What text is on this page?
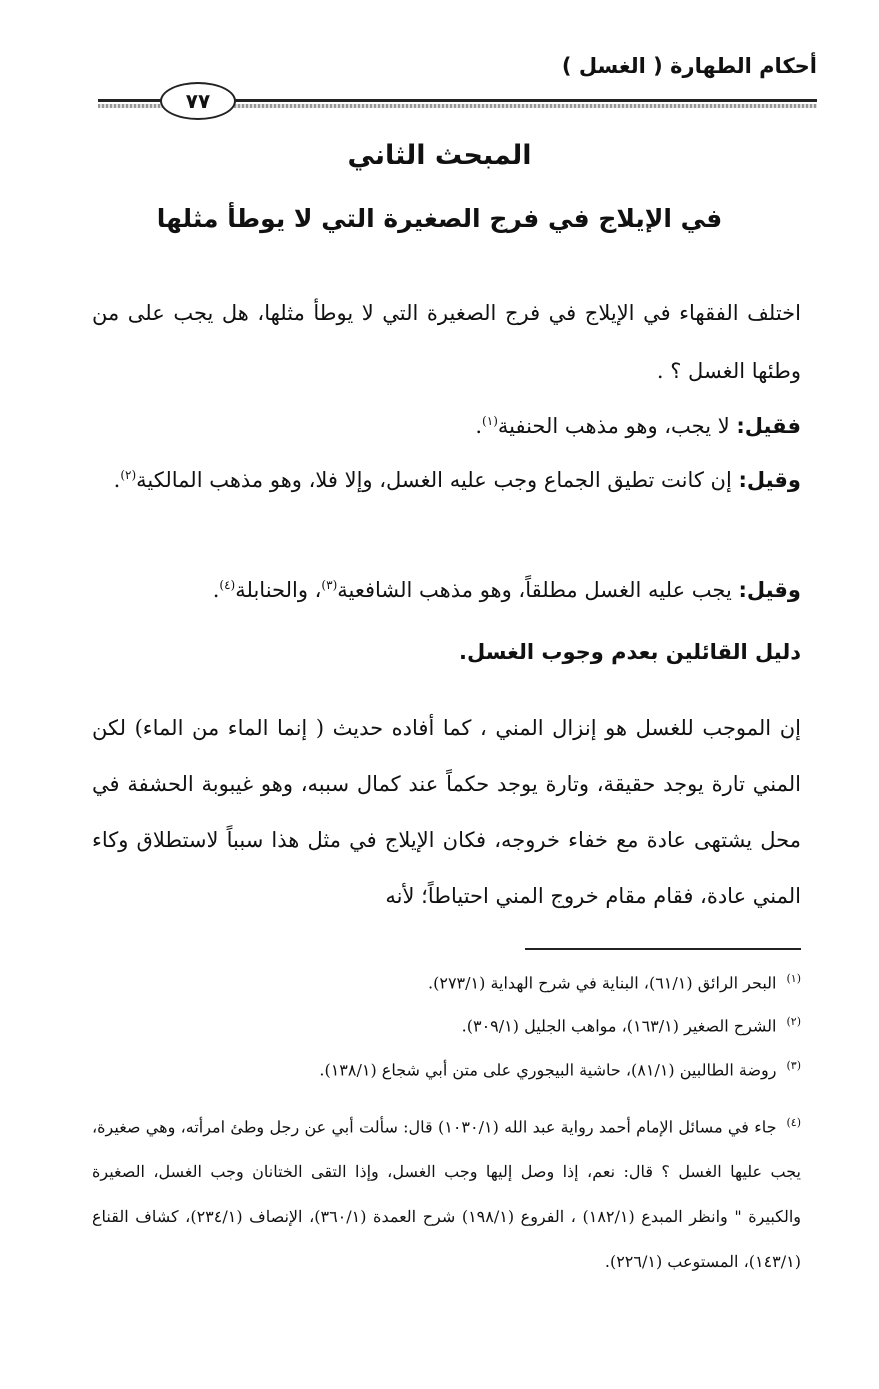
أحكام الطهارة ( الغسل )
٧٧
المبحث الثاني
في الإيلاج في فرج الصغيرة التي لا يوطأ مثلها
اختلف الفقهاء في الإيلاج في فرج الصغيرة التي لا يوطأ مثلها، هل يجب على من وطئها الغسل ؟ .
فقيل: لا يجب، وهو مذهب الحنفية$^{(١)}$.
وقيل: إن كانت تطيق الجماع وجب عليه الغسل، وإلا فلا، وهو مذهب المالكية$^{(٢)}$.
وقيل: يجب عليه الغسل مطلقاً، وهو مذهب الشافعية$^{(٣)}$، والحنابلة$^{(٤)}$.
دليل القائلين بعدم وجوب الغسل.
إن الموجب للغسل هو إنزال المني ، كما أفاده حديث ( إنما الماء من الماء) لكن المني تارة يوجد حقيقة، وتارة يوجد حكماً عند كمال سببه، وهو غيبوبة الحشفة في محل يشتهى عادة مع خفاء خروجه، فكان الإيلاج في مثل هذا سبباً لاستطلاق وكاء المني عادة، فقام مقام خروج المني احتياطاً؛ لأنه
$^{(١)}$البحر الرائق (٦١/١)، البناية في شرح الهداية (٢٧٣/١).
$^{(٢)}$الشرح الصغير (١٦٣/١)، مواهب الجليل (٣٠٩/١).
$^{(٣)}$روضة الطالبين (٨١/١)، حاشية البيجوري على متن أبي شجاع (١٣٨/١).
$^{(٤)}$جاء في مسائل الإمام أحمد رواية عبد الله (١٠٣٠/١) قال: سألت أبي عن رجل وطئ امرأته، وهي صغيرة، يجب عليها الغسل ؟ قال: نعم، إذا وصل إليها وجب الغسل، وإذا التقى الختانان وجب الغسل، الصغيرة والكبيرة " وانظر المبدع (١٨٢/١) ، الفروع (١٩٨/١) شرح العمدة (٣٦٠/١)، الإنصاف (٢٣٤/١)، كشاف القناع (١٤٣/١)، المستوعب (٢٢٦/١).
